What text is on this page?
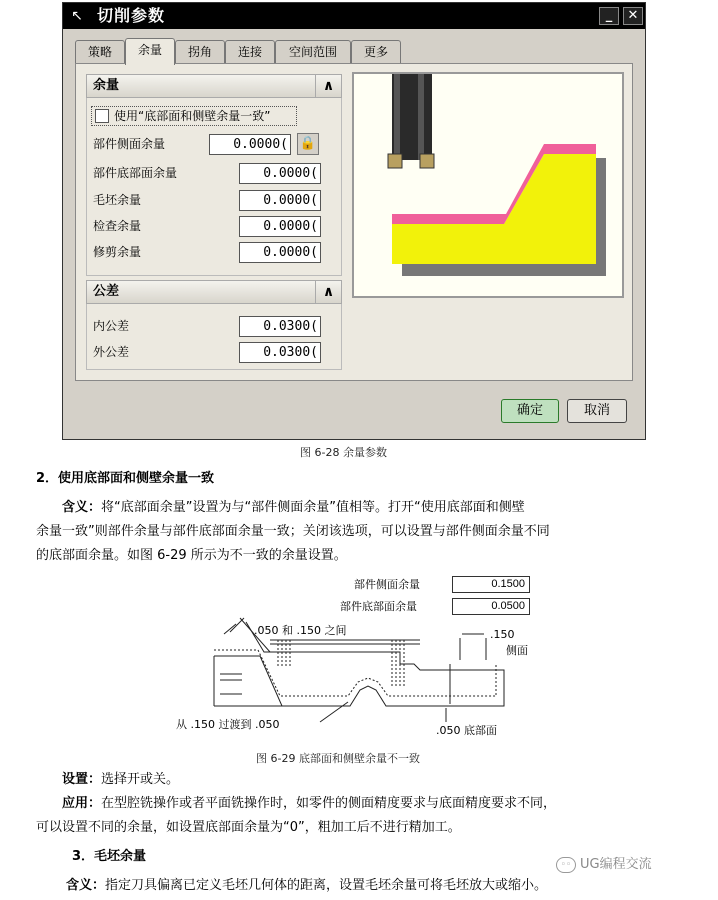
↖ 切削参数	_	✕
策略	余量	拐角	连接	空间范围	更多
余量	∧
使用“底部面和侧壁余量一致”
部件侧面余量	0.0000( 🔒
部件底部面余量	0.0000(
毛坯余量	0.0000(
检查余量	0.0000(
修剪余量	0.0000(
公差	∧
内公差	0.0300(
外公差	0.0300(
确定	取消
图 6-28 余量参数
2．使用底部面和侧壁余量一致
含义：将“底部面余量”设置为与“部件侧面余量”值相等。打开“使用底部面和侧壁
余量一致”则部件余量与部件底部面余量一致；关闭该选项，可以设置与部件侧面余量不同
的底部面余量。如图 6-29 所示为不一致的余量设置。
部件侧面余量	0.1500
部件底部面余量	0.0500
.050 和 .150 之间	.150
侧面
从 .150 过渡到 .050	.050 底部面
图 6-29 底部面和侧壁余量不一致
设置：选择开或关。
应用：在型腔铣操作或者平面铣操作时，如零件的侧面精度要求与底面精度要求不同，
可以设置不同的余量，如设置底部面余量为“0”，粗加工后不进行精加工。
3．毛坯余量
含义：指定刀具偏离已定义毛坯几何体的距离，设置毛坯余量可将毛坯放大或缩小。
◦◦ UG编程交流
